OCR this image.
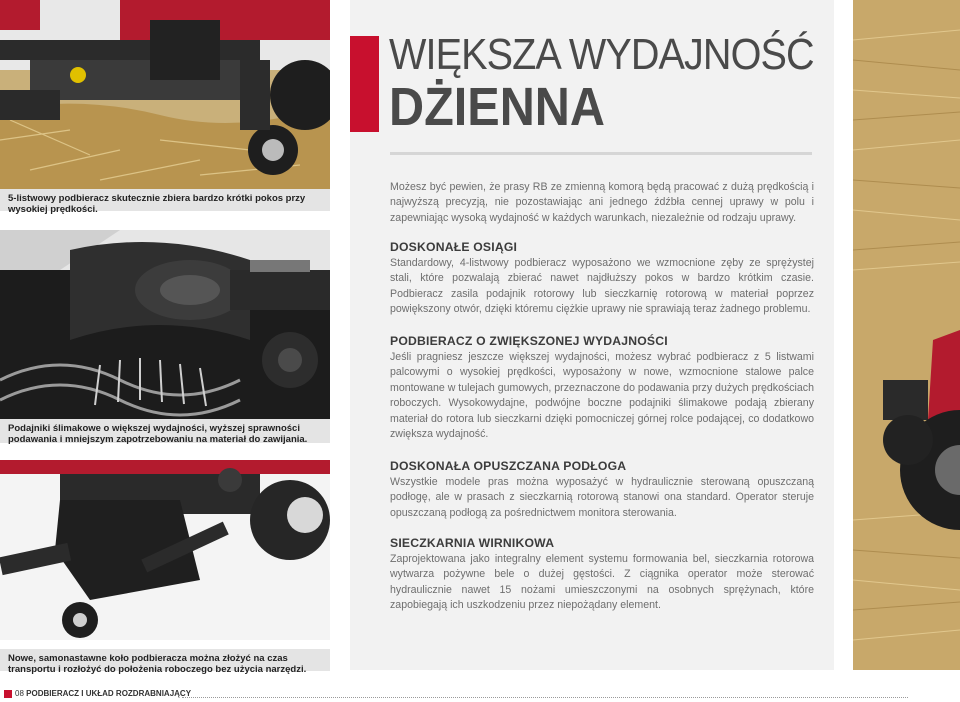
5-listwowy podbieracz skutecznie zbiera bardzo krótki pokos przy wysokiej prędkości.
Podajniki ślimakowe o większej wydajności, wyższej sprawności podawania i mniejszym zapotrzebowaniu na materiał do zawijania.
Nowe, samonastawne koło podbieracza można złożyć na czas transportu i rozłożyć do położenia roboczego bez użycia narzędzi.
WIĘKSZA WYDAJNOŚĆ
DŻIENNA

Możesz być pewien, że prasy RB ze zmienną komorą będą pracować z dużą prędkością i najwyższą precyzją, nie pozostawiając ani jednego źdźbła cennej uprawy w polu i zapewniając wysoką wydajność w każdych warunkach, niezależnie od rodzaju uprawy.

DOSKONAŁE OSIĄGI

Standardowy, 4-listwowy podbieracz wyposażono we wzmocnione zęby ze sprężystej stali, które pozwalają zbierać nawet najdłuższy pokos w bardzo krótkim czasie. Podbieracz zasila podajnik rotorowy lub sieczkarnię rotorową w materiał poprzez powiększony otwór, dzięki któremu ciężkie uprawy nie sprawiają teraz żadnego problemu.

PODBIERACZ O ZWIĘKSZONEJ WYDAJNOŚCI

Jeśli pragniesz jeszcze większej wydajności, możesz wybrać podbieracz z 5 listwami palcowymi o wysokiej prędkości, wyposażony w nowe, wzmocnione stalowe palce montowane w tulejach gumowych, przeznaczone do podawania przy dużych prędkościach roboczych. Wysokowydajne, podwójne boczne podajniki ślimakowe podają zbierany materiał do rotora lub sieczkarni dzięki pomocniczej górnej rolce podającej, co dodatkowo zwiększa wydajność.

DOSKONAŁA OPUSZCZANA PODŁOGA

Wszystkie modele pras można wyposażyć w hydraulicznie sterowaną opuszczaną podłogę, ale w prasach z sieczkarnią rotorową stanowi ona standard. Operator steruje opuszczaną podłogą za pośrednictwem monitora sterowania.

SIECZKARNIA WIRNIKOWA

Zaprojektowana jako integralny element systemu formowania bel, sieczkarnia rotorowa wytwarza pożywne bele o dużej gęstości. Z ciągnika operator może sterować hydraulicznie nawet 15 nożami umieszczonymi na osobnych sprężynach, które zapobiegają ich uszkodzeniu przez niepożądany element.

08 PODBIERACZ I UKŁAD ROZDRABNIAJĄCY
